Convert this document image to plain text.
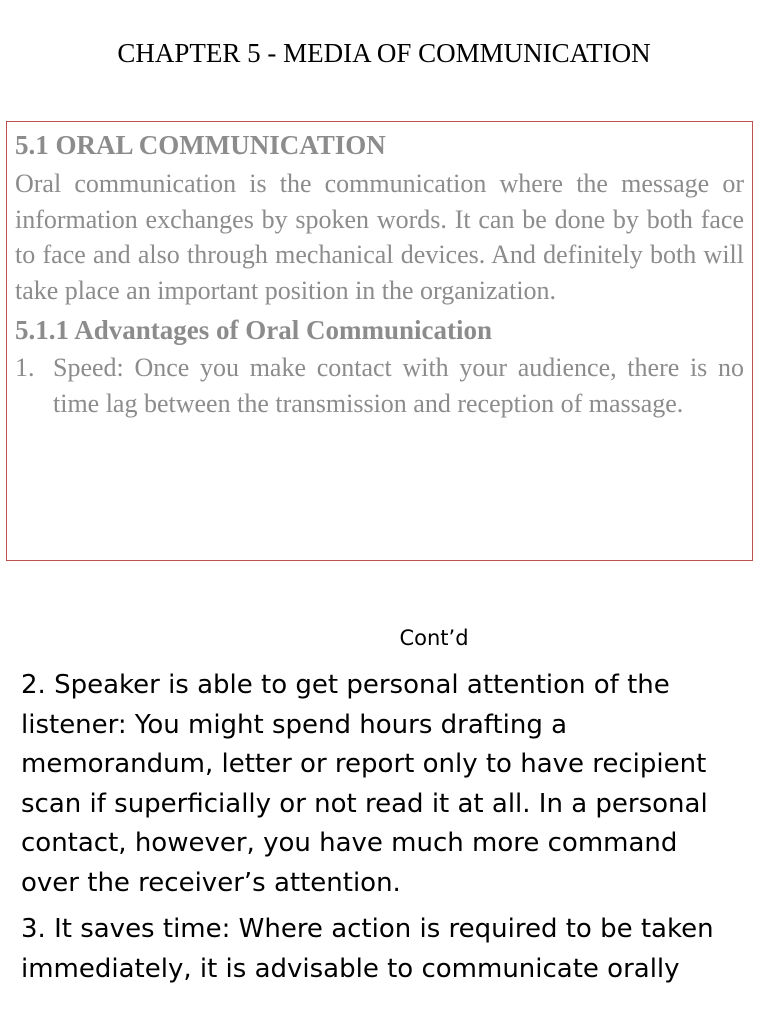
CHAPTER 5 - MEDIA OF COMMUNICATION
5.1 ORAL COMMUNICATION

Oral communication is the communication where the message or information exchanges by spoken words. It can be done by both face to face and also through mechanical devices. And definitely both will take place an important position in the organization.

5.1.1 Advantages of Oral Communication
1. Speed: Once you make contact with your audience, there is no time lag between the transmission and reception of massage.
Cont’d

2. Speaker is able to get personal attention of the listener: You might spend hours drafting a memorandum, letter or report only to have recipient scan if superficially or not read it at all. In a personal contact, however, you have much more command over the receiver’s attention.

3. It saves time: Where action is required to be taken immediately, it is advisable to communicate orally
